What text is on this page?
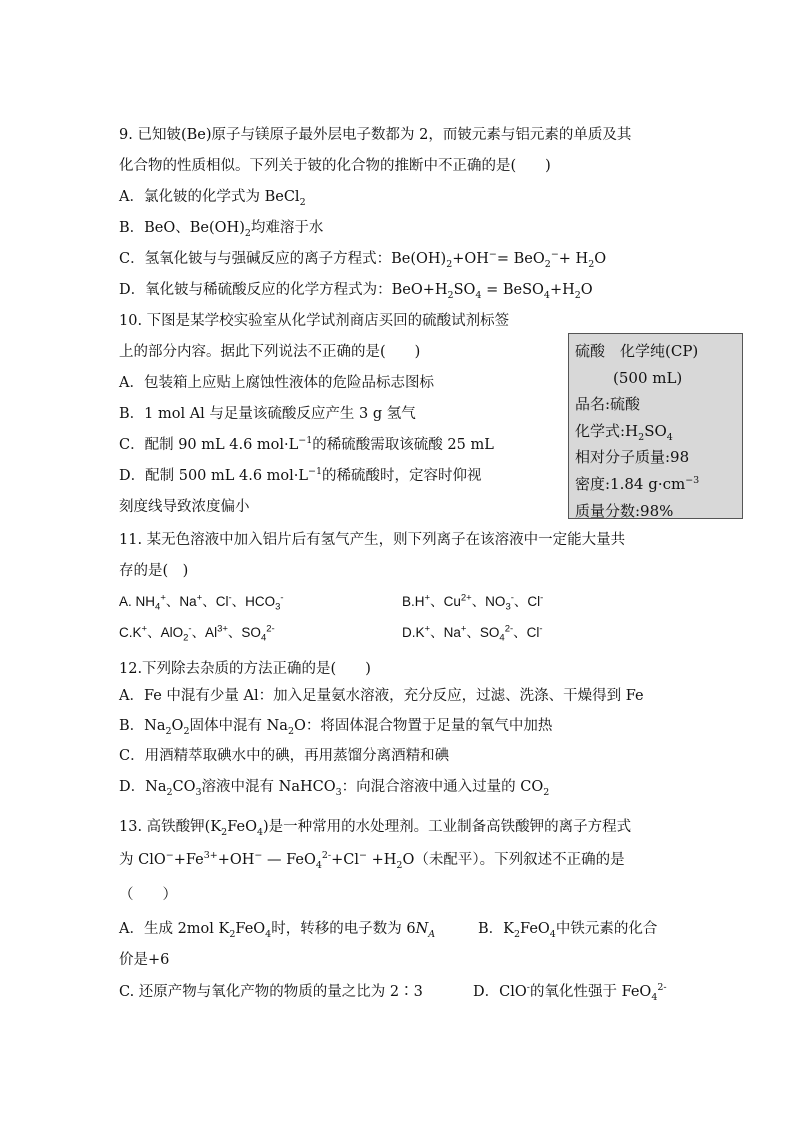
9. 已知铍(Be)原子与镁原子最外层电子数都为 2，而铍元素与铝元素的单质及其
化合物的性质相似。下列关于铍的化合物的推断中不正确的是(　　)
A．氯化铍的化学式为 BeCl$_2$
B．BeO、$Be(OH)_2$均难溶于水
C．氢氧化铍与与强碱反应的离子方程式：$Be(OH)_2+OH^-= BeO_2^-+ H_2O$
D．氧化铍与稀硫酸反应的化学方程式为：$BeO+H_2SO_4$ = $BeSO_4+H_2O$
10. 下图是某学校实验室从化学试剂商店买回的硫酸试剂标签
上的部分内容。据此下列说法不正确的是(　　)
A．包装箱上应贴上腐蚀性液体的危险品标志图标
B．1 mol Al 与足量该硫酸反应产生 3 g 氢气
C．配制 90 mL 4.6 $mol\cdot L^{-1}$的稀硫酸需取该硫酸 25 mL
D．配制 500 mL 4.6 $mol\cdot L^{-1}$的稀硫酸时，定容时仰视
刻度线导致浓度偏小
硫酸　化学纯(CP)
(500 mL)
品名:硫酸
化学式$:H_2SO_4$
相对分子质量:98
密度:1.84 $g\cdot cm^{-3}$
质量分数:98%
11. 某无色溶液中加入铝片后有氢气产生，则下列离子在该溶液中一定能大量共
存的是(　)
A. $NH_4^+$、Na+、Cl-、$HCO_3^-$	B.H+、$Cu^{2+}$、$NO_3^-$、Cl-
C.K+、AlO$_2$-、$Al^{3+}$、$SO_4^{2-}$	D.K+、Na+、$SO_4^{2-}$、Cl-
12.下列除去杂质的方法正确的是(　　)
A．Fe 中混有少量 Al：加入足量氨水溶液，充分反应，过滤、洗涤、干燥得到 Fe
B．$Na_2O_2$固体中混有 $Na_2O$：将固体混合物置于足量的氧气中加热
C．用酒精萃取碘水中的碘，再用蒸馏分离酒精和碘
D．$Na_2CO_3$溶液中混有 NaHCO$_3$：向混合溶液中通入过量的 $CO_2$
13. 高铁酸钾$(K_2FeO_4)$是一种常用的水处理剂。工业制备高铁酸钾的离子方程式
为 $ClO^-+Fe^{3+}+OH^-$ — $FeO_4^{2-}+Cl^- +H_2O$（未配平）。下列叙述不正确的是
（　　）
A．生成 2mol $K_2FeO_4$时，转移的电子数为 $6N_A$	B．$K_2FeO_4$中铁元素的化合
价是+6
C. 还原产物与氧化产物的物质的量之比为 2∶3	D．ClO-的氧化性强于 FeO$_4^{2-}$
